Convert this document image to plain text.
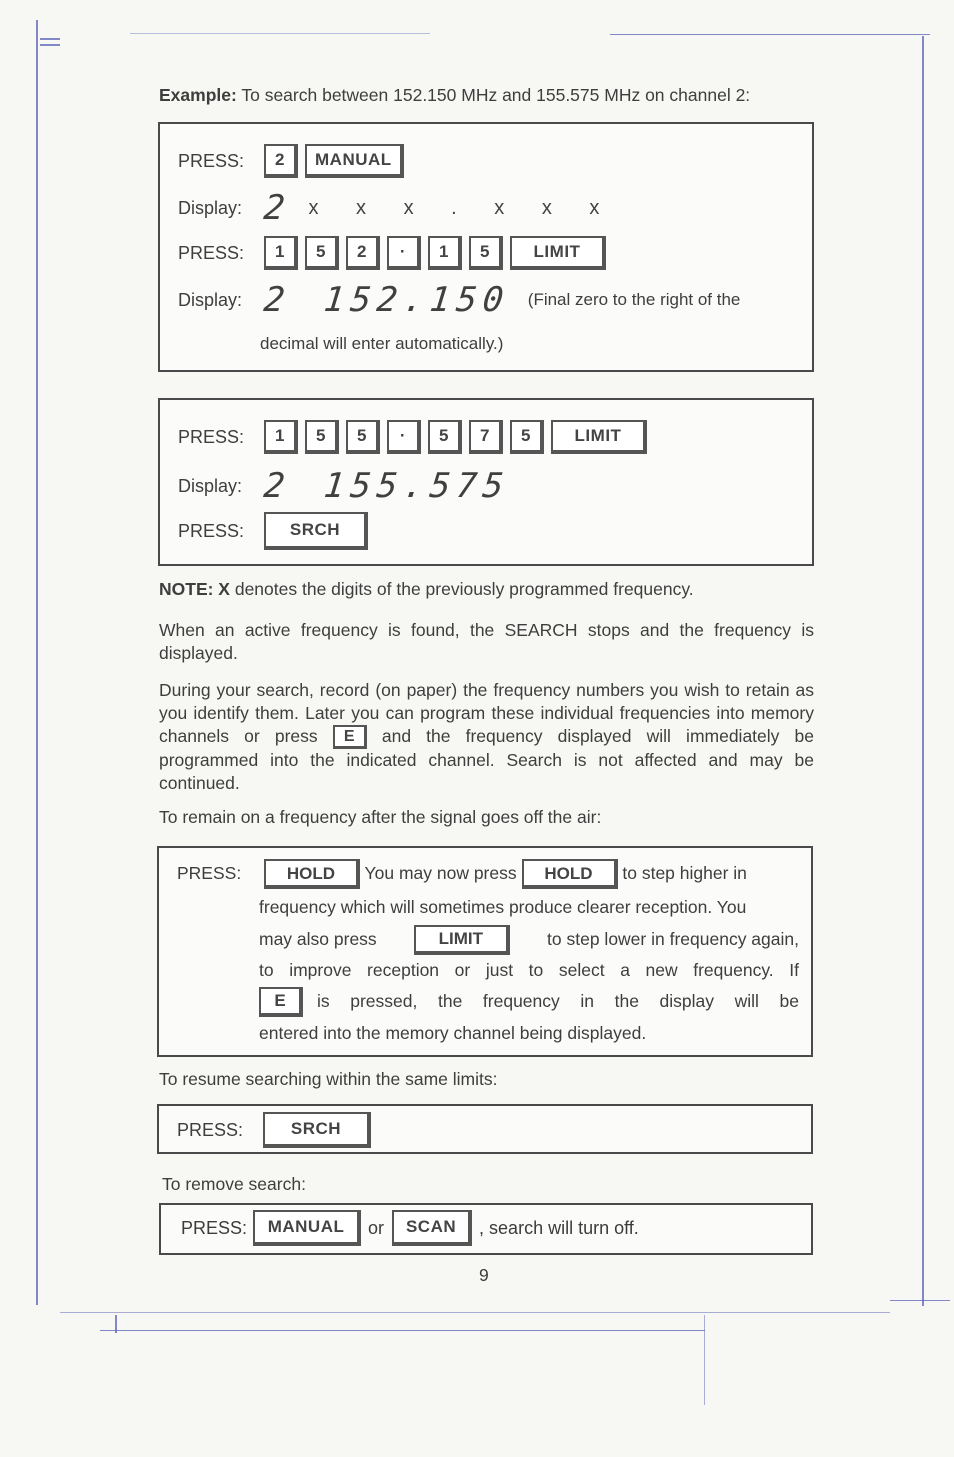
Example: To search between 152.150 MHz and 155.575 MHz on channel 2:
PRESS:	2	MANUAL
Display: 2 x x x . x x x
PRESS:	1	5	2	·	1	5	LIMIT
Display: 2 152.150 (Final zero to the right of the
decimal will enter automatically.)
PRESS:	1	5	5	·	5	7	5	LIMIT
Display: 2 155.575
PRESS:	SRCH
NOTE: X denotes the digits of the previously programmed frequency.
When an active frequency is found, the SEARCH stops and the frequency is displayed.
During your search, record (on paper) the frequency numbers you wish to retain as you identify them. Later you can program these individual frequencies into memory channels or press E and the frequency displayed will immediately be programmed into the indicated channel. Search is not affected and may be continued.
To remain on a frequency after the signal goes off the air:
PRESS:	HOLD You may now press HOLD to step higher in
frequency which will sometimes produce clearer reception. You
may also press	LIMIT	to step lower in frequency again,
to improve reception or just to select a new frequency. If
E	is pressed, the frequency in the display will be
entered into the memory channel being displayed.
To resume searching within the same limits:
PRESS:	SRCH
To remove search:
PRESS:	MANUAL	or	SCAN	, search will turn off.
9
